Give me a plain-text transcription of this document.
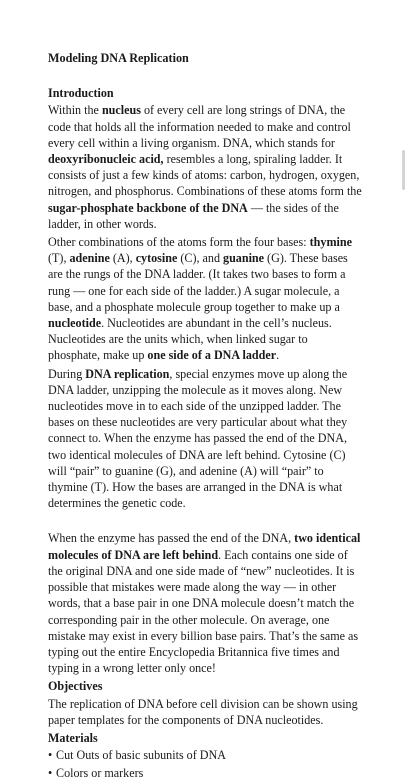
Modeling DNA Replication
Introduction

Within the nucleus of every cell are long strings of DNA, the code that holds all the information needed to make and control every cell within a living organism. DNA, which stands for deoxyribonucleic acid, resembles a long, spiraling ladder. It consists of just a few kinds of atoms: carbon, hydrogen, oxygen, nitrogen, and phosphorus. Combinations of these atoms form the sugar-phosphate backbone of the DNA — the sides of the ladder, in other words.

Other combinations of the atoms form the four bases: thymine (T), adenine (A), cytosine (C), and guanine (G). These bases are the rungs of the DNA ladder. (It takes two bases to form a rung — one for each side of the ladder.) A sugar molecule, a base, and a phosphate molecule group together to make up a nucleotide. Nucleotides are abundant in the cell’s nucleus. Nucleotides are the units which, when linked sugar to phosphate, make up one side of a DNA ladder.

During DNA replication, special enzymes move up along the DNA ladder, unzipping the molecule as it moves along. New nucleotides move in to each side of the unzipped ladder. The bases on these nucleotides are very particular about what they connect to. When the enzyme has passed the end of the DNA, two identical molecules of DNA are left behind. Cytosine (C) will “pair” to guanine (G), and adenine (A) will “pair” to thymine (T). How the bases are arranged in the DNA is what determines the genetic code.

When the enzyme has passed the end of the DNA, two identical molecules of DNA are left behind. Each contains one side of the original DNA and one side made of “new” nucleotides. It is possible that mistakes were made along the way — in other words, that a base pair in one DNA molecule doesn’t match the corresponding pair in the other molecule. On average, one mistake may exist in every billion base pairs. That’s the same as typing out the entire Encyclopedia Britannica five times and typing in a wrong letter only once!

Objectives

The replication of DNA before cell division can be shown using paper templates for the components of DNA nucleotides.

Materials
• Cut Outs of basic subunits of DNA
• Colors or markers
